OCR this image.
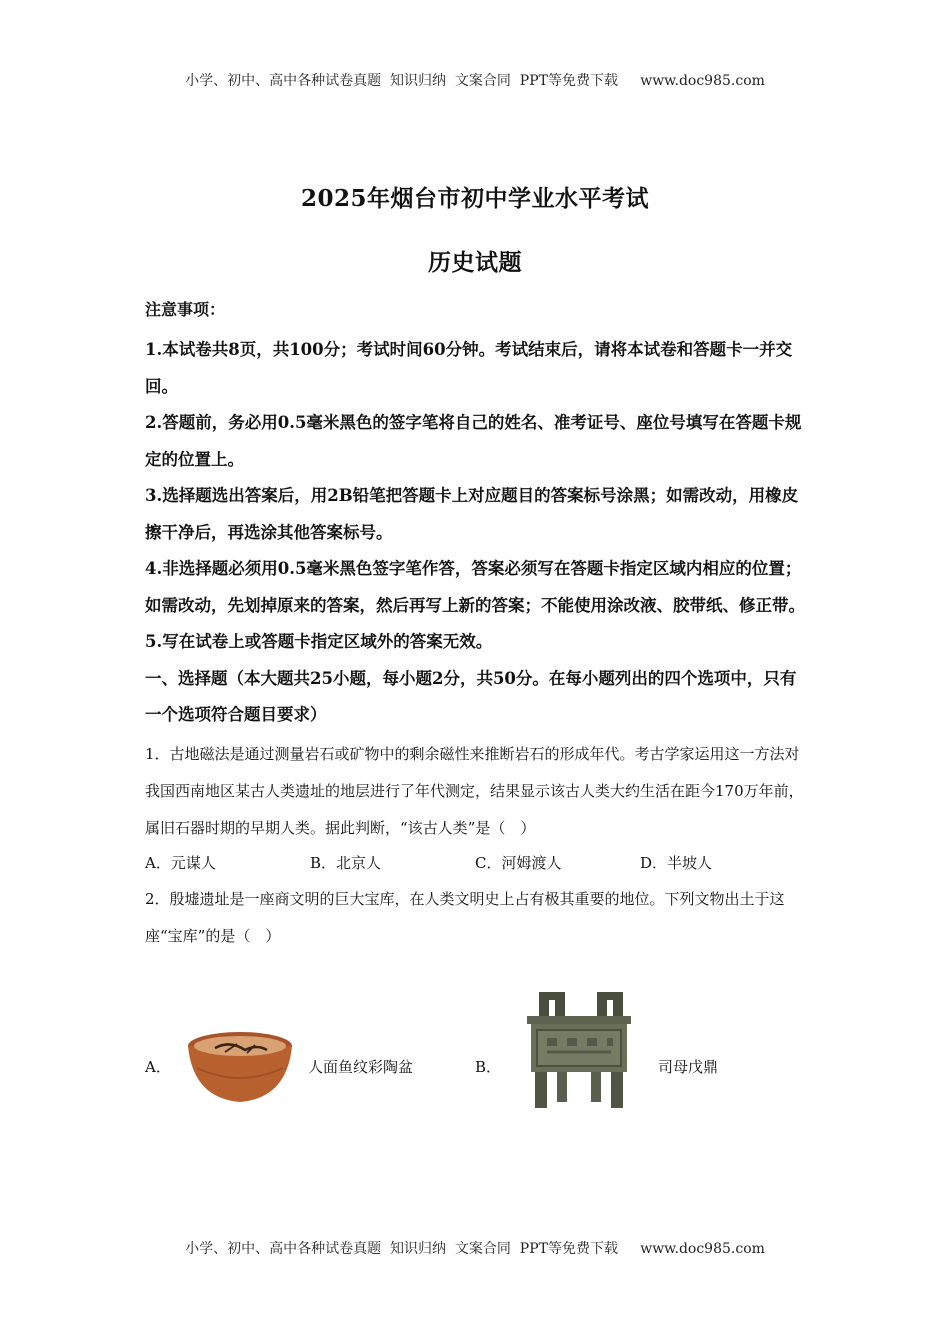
小学、初中、高中各种试卷真题  知识归纳  文案合同  PPT等免费下载     www.doc985.com
2025年烟台市初中学业水平考试
历史试题
注意事项：
1.本试卷共8页，共100分；考试时间60分钟。考试结束后，请将本试卷和答题卡一并交回。
2.答题前，务必用0.5毫米黑色的签字笔将自己的姓名、准考证号、座位号填写在答题卡规定的位置上。
3.选择题选出答案后，用2B铅笔把答题卡上对应题目的答案标号涂黑；如需改动，用橡皮擦干净后，再选涂其他答案标号。
4.非选择题必须用0.5毫米黑色签字笔作答，答案必须写在答题卡指定区域内相应的位置；如需改动，先划掉原来的答案，然后再写上新的答案；不能使用涂改液、胶带纸、修正带。
5.写在试卷上或答题卡指定区域外的答案无效。
一、选择题（本大题共25小题，每小题2分，共50分。在每小题列出的四个选项中，只有一个选项符合题目要求）
1．古地磁法是通过测量岩石或矿物中的剩余磁性来推断岩石的形成年代。考古学家运用这一方法对我国西南地区某古人类遗址的地层进行了年代测定，结果显示该古人类大约生活在距今170万年前，属旧石器时期的早期人类。据此判断，“该古人类”是（　）
A．元谋人	B．北京人	C．河姆渡人	D．半坡人
2．殷墟遗址是一座商文明的巨大宝库，在人类文明史上占有极其重要的地位。下列文物出土于这座“宝库”的是（　）
A．	人面鱼纹彩陶盆	B．	司母戊鼎
小学、初中、高中各种试卷真题  知识归纳  文案合同  PPT等免费下载     www.doc985.com
